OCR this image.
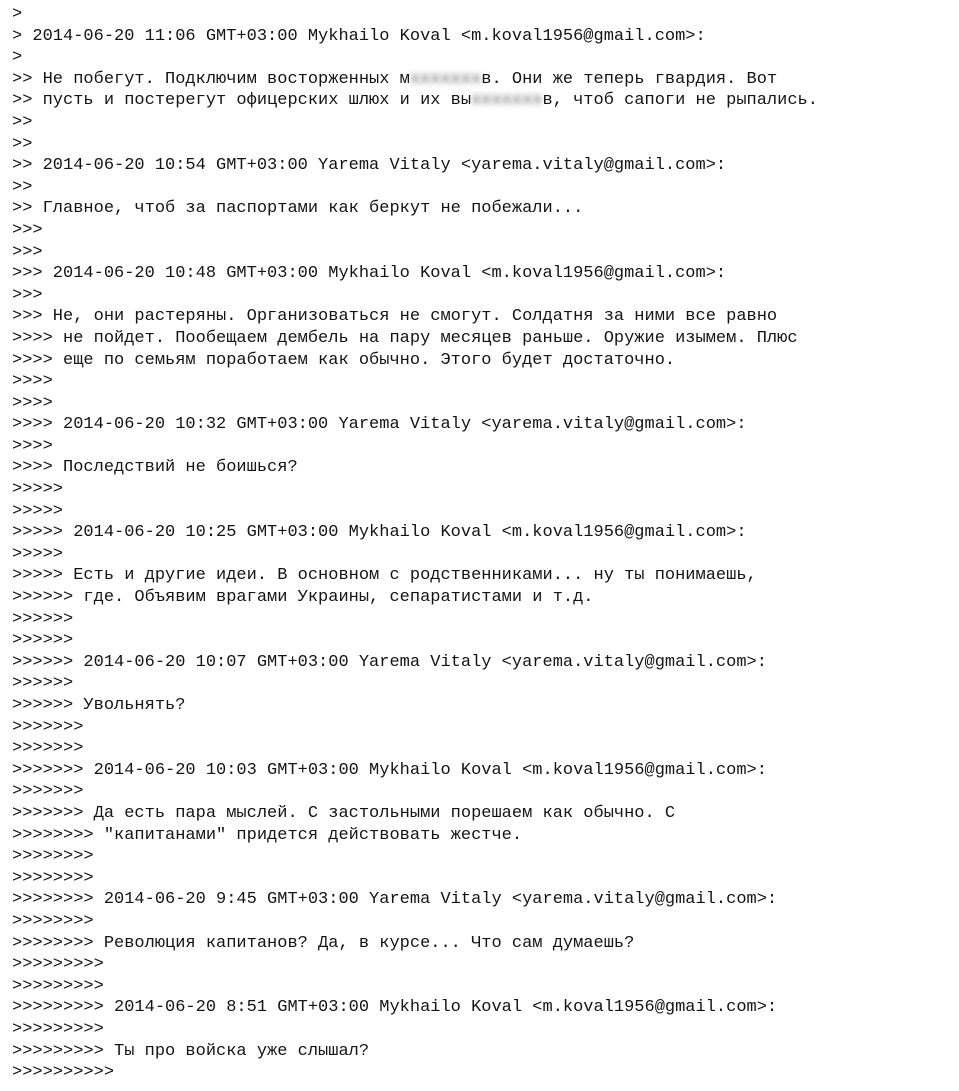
>
> 2014-06-20 11:06 GMT+03:00 Mykhailo Koval <m.koval1956@gmail.com>:
>
>> Не побегут. Подключим восторженных мхххххххв. Они же теперь гвардия. Вот
>> пусть и постерегут офицерских шлюх и их выхххххххв, чтоб сапоги не рыпались.
>>
>>
>> 2014-06-20 10:54 GMT+03:00 Yarema Vitaly <yarema.vitaly@gmail.com>:
>>
>> Главное, чтоб за паспортами как беркут не побежали...
>>>
>>>
>>> 2014-06-20 10:48 GMT+03:00 Mykhailo Koval <m.koval1956@gmail.com>:
>>>
>>> Не, они растеряны. Организоваться не смогут. Солдатня за ними все равно
>>>> не пойдет. Пообещаем дембель на пару месяцев раньше. Оружие изымем. Плюс
>>>> еще по семьям поработаем как обычно. Этого будет достаточно.
>>>>
>>>>
>>>> 2014-06-20 10:32 GMT+03:00 Yarema Vitaly <yarema.vitaly@gmail.com>:
>>>>
>>>> Последствий не боишься?
>>>>>
>>>>>
>>>>> 2014-06-20 10:25 GMT+03:00 Mykhailo Koval <m.koval1956@gmail.com>:
>>>>>
>>>>> Есть и другие идеи. В основном с родственниками... ну ты понимаешь,
>>>>>> где. Объявим врагами Украины, сепаратистами и т.д.
>>>>>>
>>>>>>
>>>>>> 2014-06-20 10:07 GMT+03:00 Yarema Vitaly <yarema.vitaly@gmail.com>:
>>>>>>
>>>>>> Увольнять?
>>>>>>>
>>>>>>>
>>>>>>> 2014-06-20 10:03 GMT+03:00 Mykhailo Koval <m.koval1956@gmail.com>:
>>>>>>>
>>>>>>> Да есть пара мыслей. С застольными порешаем как обычно. С
>>>>>>>> "капитанами" придется действовать жестче.
>>>>>>>>
>>>>>>>>
>>>>>>>> 2014-06-20 9:45 GMT+03:00 Yarema Vitaly <yarema.vitaly@gmail.com>:
>>>>>>>>
>>>>>>>> Революция капитанов? Да, в курсе... Что сам думаешь?
>>>>>>>>>
>>>>>>>>>
>>>>>>>>> 2014-06-20 8:51 GMT+03:00 Mykhailo Koval <m.koval1956@gmail.com>:
>>>>>>>>>
>>>>>>>>> Ты про войска уже слышал?
>>>>>>>>>>
